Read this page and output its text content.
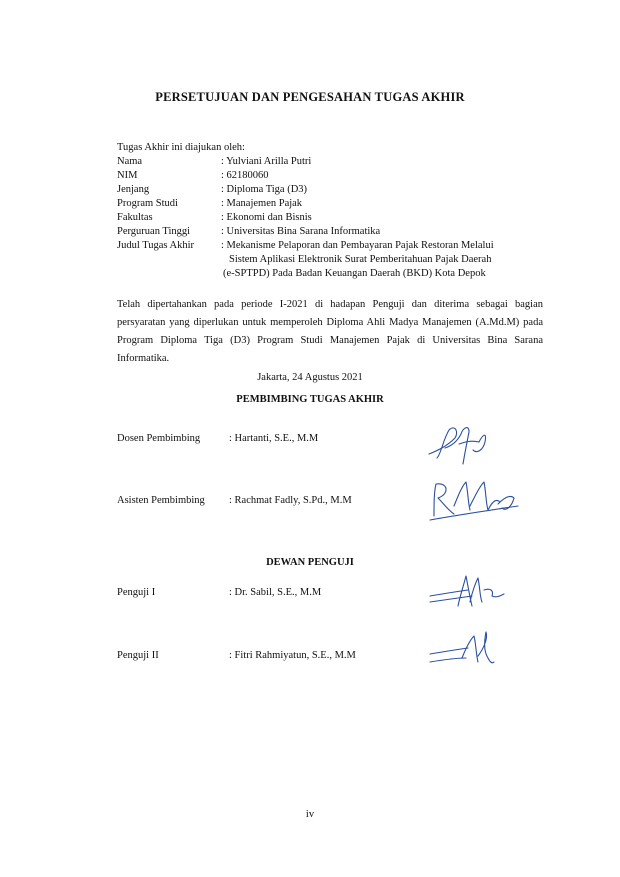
PERSETUJUAN DAN PENGESAHAN TUGAS AKHIR
Tugas Akhir ini diajukan oleh:
Nama	: Yulviani Arilla Putri
NIM	: 62180060
Jenjang	: Diploma Tiga (D3)
Program Studi	: Manajemen Pajak
Fakultas	: Ekonomi dan Bisnis
Perguruan Tinggi	: Universitas Bina Sarana Informatika
Judul Tugas Akhir	: Mekanisme Pelaporan dan Pembayaran Pajak Restoran Melalui
Sistem Aplikasi Elektronik Surat Pemberitahuan Pajak Daerah
(e-SPTPD) Pada Badan Keuangan Daerah (BKD) Kota Depok
Telah dipertahankan pada periode I-2021 di hadapan Penguji dan diterima sebagai bagian persyaratan yang diperlukan untuk memperoleh Diploma Ahli Madya Manajemen (A.Md.M) pada Program Diploma Tiga (D3) Program Studi Manajemen Pajak di Universitas Bina Sarana Informatika.
Jakarta, 24 Agustus 2021
PEMBIMBING TUGAS AKHIR
Dosen Pembimbing	: Hartanti, S.E., M.M
Asisten Pembimbing : Rachmat Fadly, S.Pd., M.M
DEWAN PENGUJI
Penguji I	: Dr. Sabil, S.E., M.M
Penguji II	: Fitri Rahmiyatun, S.E., M.M
iv
